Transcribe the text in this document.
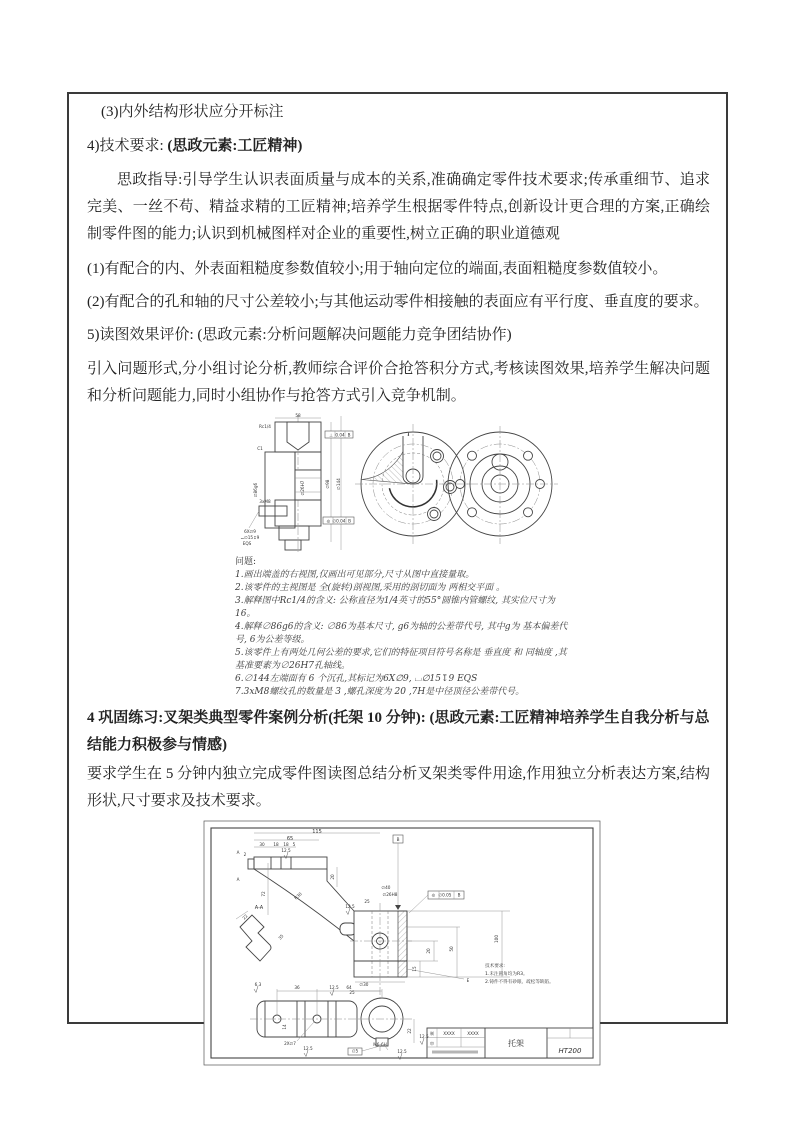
(3)内外结构形状应分开标注

4)技术要求: (思政元素:工匠精神)

思政指导:引导学生认识表面质量与成本的关系,准确确定零件技术要求;传承重细节、追求完美、一丝不苟、精益求精的工匠精神;培养学生根据零件特点,创新设计更合理的方案,正确绘制零件图的能力;认识到机械图样对企业的重要性,树立正确的职业道德观

(1)有配合的内、外表面粗糙度参数值较小;用于轴向定位的端面,表面粗糙度参数值较小。

(2)有配合的孔和轴的尺寸公差较小;与其他运动零件相接触的表面应有平行度、垂直度的要求。

5)读图效果评价: (思政元素:分析问题解决问题能力竞争团结协作)

引入问题形式,分小组讨论分析,教师综合评价合抢答积分方式,考核读图效果,培养学生解决问题和分析问题能力,同时小组协作与抢答方式引入竞争机制。

58
Rc1/4
⊥ 0.04 B
C1
∅86g6	∅26H7	∅98 ∅144
3xM8
6X∅9
⌴∅15↧9
EQS
◎ ∅0.04 B
问题:
1.画出端盖的右视图,仅画出可见部分,尺寸从图中直接量取。
2.该零件的主视图是 全(旋转)剖视图,采用的剖切面为 两相交平面 。
3.解释图中Rc1/4的含义: 公称直径为1/4英寸的55°圆锥内管螺纹, 其实位尺寸为16。
4.解释∅86g6的含义: ∅86为基本尺寸, g6为轴的公差带代号, 其中g为 基本偏差代号, 6为公差等级。
5.该零件上有两处几何公差的要求,它们的特征项目符号名称是 垂直度 和 同轴度 ,其基准要素为∅26H7孔轴线。
6.∅144左端面有 6 个沉孔,其标记为6X∅9, ⌴∅15↧9 EQS
7.3xM8螺纹孔的数量是 3 ,螺孔深度为 20 ,7H是中径顶径公差带代号。

4 巩固练习:叉架类典型零件案例分析(托架 10 分钟): (思政元素:工匠精神培养学生自我分析与总结能力积极参与情感)

要求学生在 5 分钟内独立完成零件图读图总结分析叉架类零件用途,作用独立分析表达方案,结构形状,尺寸要求及技术要求。

技术要求:
1.未注圆角均为R3。
2.铸件不得有砂眼、疏松等缺陷。
制 XXXX	XXXX
审	托架
HT200
115
65
30 18 18 5
12.5
2
A
A
72
20
R30
A-A
22
35
25
∅40
∅26H8
12.5
◎ ∅0.05 B
B
15
20	50
100
E
∅30
25
12.5
6.3
36	64
14
2X∅7
12.5	∅5
M6-6H
12.5
12.5
22
